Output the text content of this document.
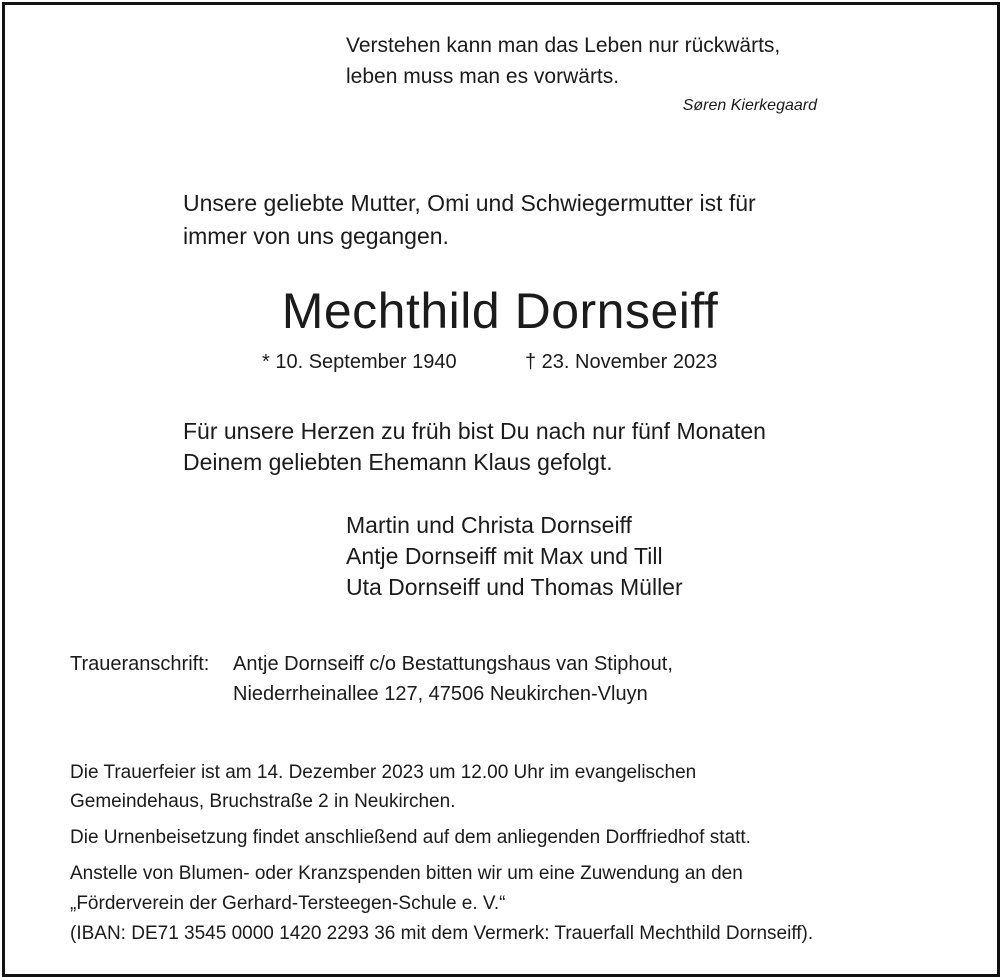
Verstehen kann man das Leben nur rückwärts,

leben muss man es vorwärts.

Søren Kierkegaard

Unsere geliebte Mutter, Omi und Schwiegermutter ist für

immer von uns gegangen.

Mechthild Dornseiff

* 10. September 1940	† 23. November 2023

Für unsere Herzen zu früh bist Du nach nur fünf Monaten

Deinem geliebten Ehemann Klaus gefolgt.

Martin und Christa Dornseiff

Antje Dornseiff mit Max und Till

Uta Dornseiff und Thomas Müller

Traueranschrift: Antje Dornseiff c/o Bestattungshaus van Stiphout,

Niederrheinallee 127, 47506 Neukirchen-Vluyn

Die Trauerfeier ist am 14. Dezember 2023 um 12.00 Uhr im evangelischen

Gemeindehaus, Bruchstraße 2 in Neukirchen.

Die Urnenbeisetzung findet anschließend auf dem anliegenden Dorffriedhof statt.

Anstelle von Blumen- oder Kranzspenden bitten wir um eine Zuwendung an den

„Förderverein der Gerhard-Tersteegen-Schule e. V.“

(IBAN: DE71 3545 0000 1420 2293 36 mit dem Vermerk: Trauerfall Mechthild Dornseiff).
